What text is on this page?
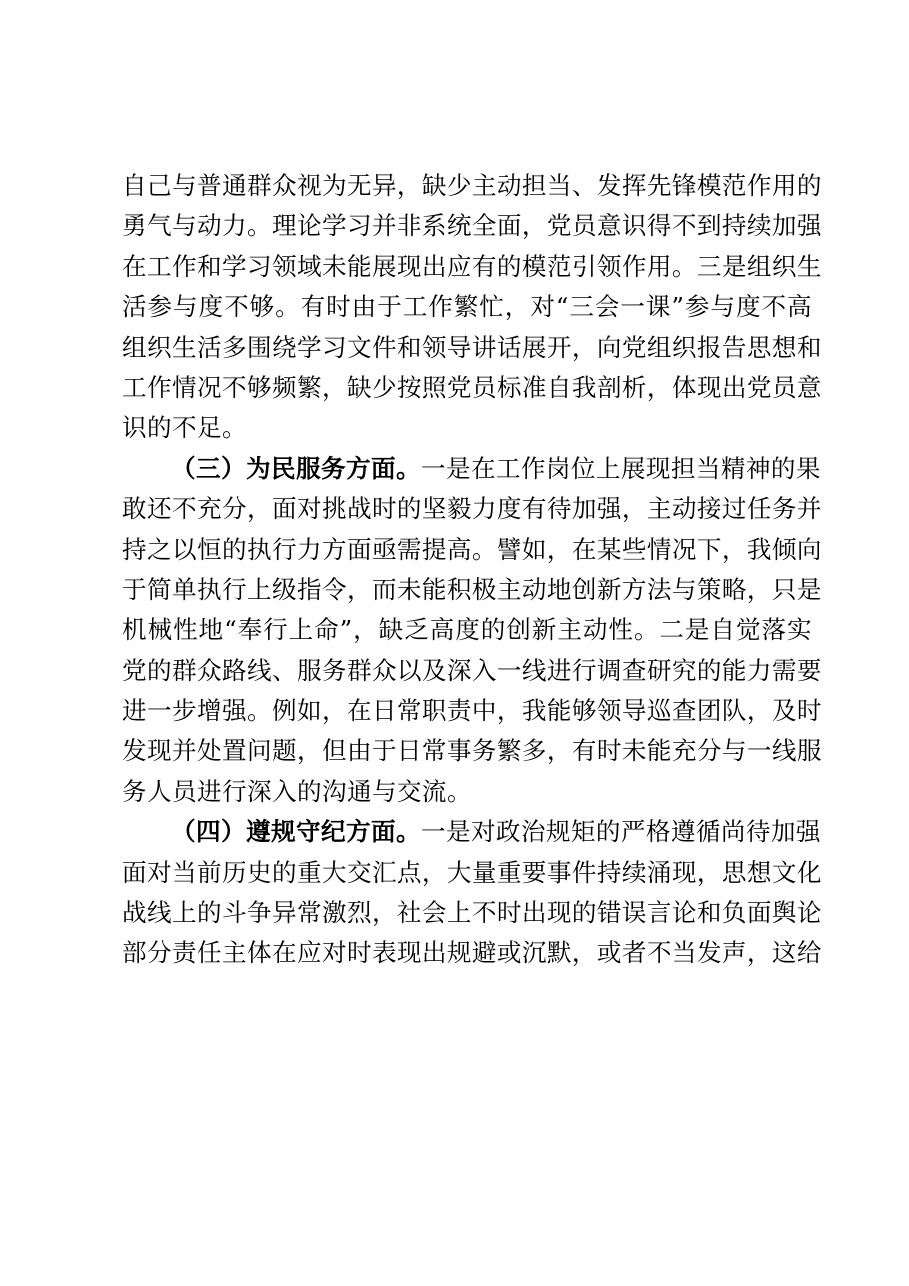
自己与普通群众视为无异，缺少主动担当、发挥先锋模范作用的
勇气与动力。理论学习并非系统全面，党员意识得不到持续加强
在工作和学习领域未能展现出应有的模范引领作用。三是组织生
活参与度不够。有时由于工作繁忙，对“三会一课”参与度不高
组织生活多围绕学习文件和领导讲话展开，向党组织报告思想和
工作情况不够频繁，缺少按照党员标准自我剖析，体现出党员意
识的不足。
（三）为民服务方面。一是在工作岗位上展现担当精神的果
敢还不充分，面对挑战时的坚毅力度有待加强，主动接过任务并
持之以恒的执行力方面亟需提高。譬如，在某些情况下，我倾向
于简单执行上级指令，而未能积极主动地创新方法与策略，只是
机械性地“奉行上命”，缺乏高度的创新主动性。二是自觉落实
党的群众路线、服务群众以及深入一线进行调查研究的能力需要
进一步增强。例如，在日常职责中，我能够领导巡查团队，及时
发现并处置问题，但由于日常事务繁多，有时未能充分与一线服
务人员进行深入的沟通与交流。
（四）遵规守纪方面。一是对政治规矩的严格遵循尚待加强
面对当前历史的重大交汇点，大量重要事件持续涌现，思想文化
战线上的斗争异常激烈，社会上不时出现的错误言论和负面舆论
部分责任主体在应对时表现出规避或沉默，或者不当发声，这给
